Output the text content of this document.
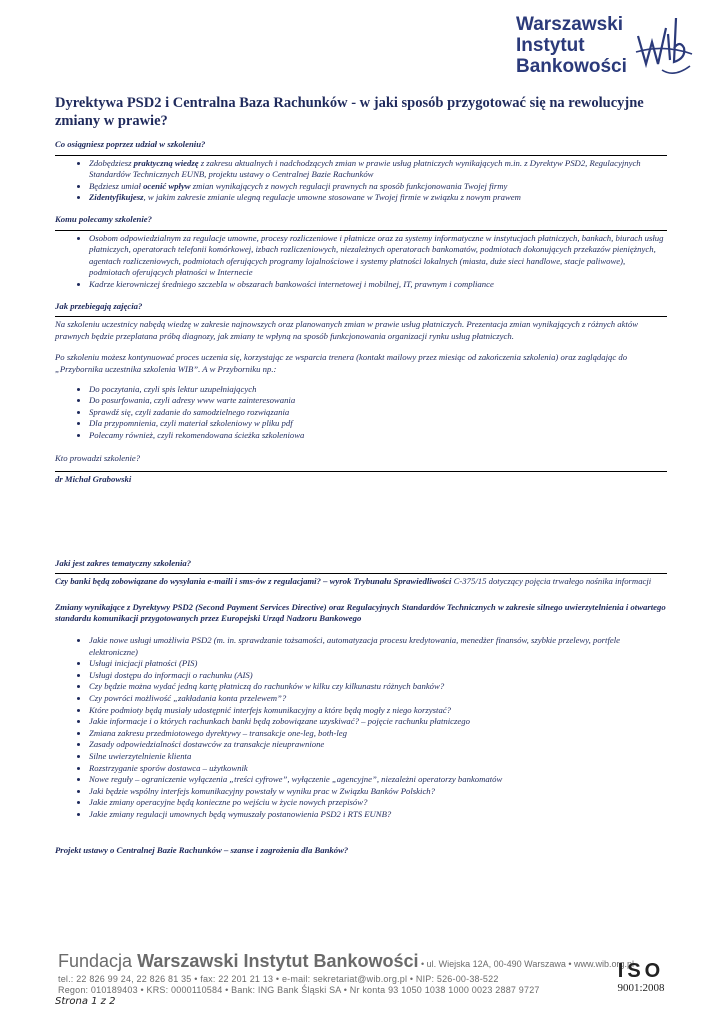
Warszawski
Instytut
Bankowości
Dyrektywa PSD2 i Centralna Baza Rachunków - w jaki sposób przygotować się na rewolucyjne zmiany w prawie?
Co osiągniesz poprzez udział w szkoleniu?
• Zdobędziesz praktyczną wiedzę z zakresu aktualnych i nadchodzących zmian w prawie usług płatniczych wynikających m.in. z Dyrektyw PSD2, Regulacyjnych Standardów Technicznych EUNB, projektu ustawy o Centralnej Bazie Rachunków
• Będziesz umiał ocenić wpływ zmian wynikających z nowych regulacji prawnych na sposób funkcjonowania Twojej firmy
• Zidentyfikujesz, w jakim zakresie zmianie ulegną regulacje umowne stosowane w Twojej firmie w związku z nowym prawem
Komu polecamy szkolenie?
• Osobom odpowiedzialnym za regulacje umowne, procesy rozliczeniowe i płatnicze oraz za systemy informatyczne w instytucjach płatniczych, bankach, biurach usług płatniczych, operatorach telefonii komórkowej, izbach rozliczeniowych, niezależnych operatorach bankomatów, podmiotach dokonujących przekazów pieniężnych, agentach rozliczeniowych, podmiotach oferujących programy lojalnościowe i systemy płatności lokalnych (miasta, duże sieci handlowe, stacje paliwowe), podmiotach oferujących płatności w Internecie
• Kadrze kierowniczej średniego szczebla w obszarach bankowości internetowej i mobilnej, IT, prawnym i compliance
Jak przebiegają zajęcia?

Na szkoleniu uczestnicy nabędą wiedzę w zakresie najnowszych oraz planowanych zmian w prawie usług płatniczych. Prezentacja zmian wynikających z różnych aktów prawnych będzie przeplatana próbą diagnozy, jak zmiany te wpłyną na sposób funkcjonowania organizacji rynku usług płatniczych.

Po szkoleniu możesz kontynuować proces uczenia się, korzystając ze wsparcia trenera (kontakt mailowy przez miesiąc od zakończenia szkolenia) oraz zaglądając do „Przybornika uczestnika szkolenia WIB”. A w Przyborniku np.:

• Do poczytania, czyli spis lektur uzupełniających
• Do posurfowania, czyli adresy www warte zainteresowania
• Sprawdź się, czyli zadanie do samodzielnego rozwiązania
• Dla przypomnienia, czyli materiał szkoleniowy w pliku pdf
• Polecamy również, czyli rekomendowana ścieżka szkoleniowa
Kto prowadzi szkolenie?
dr Michał Grabowski
Jaki jest zakres tematyczny szkolenia?

Czy banki będą zobowiązane do wysyłania e-maili i sms-ów z regulacjami? – wyrok Trybunału Sprawiedliwości C-375/15 dotyczący pojęcia trwałego nośnika informacji

Zmiany wynikające z Dyrektywy PSD2 (Second Payment Services Directive) oraz Regulacyjnych Standardów Technicznych w zakresie silnego uwierzytelnienia i otwartego standardu komunikacji przygotowanych przez Europejski Urząd Nadzoru Bankowego

• Jakie nowe usługi umożliwia PSD2 (m. in. sprawdzanie tożsamości, automatyzacja procesu kredytowania, menedżer finansów, szybkie przelewy, portfele elektroniczne)
• Usługi inicjacji płatności (PIS)
• Usługi dostępu do informacji o rachunku (AIS)
• Czy będzie można wydać jedną kartę płatniczą do rachunków w kilku czy kilkunastu różnych banków?
• Czy powróci możliwość „zakładania konta przelewem”?
• Które podmioty będą musiały udostępnić interfejs komunikacyjny a które będą mogły z niego korzystać?
• Jakie informacje i o których rachunkach banki będą zobowiązane uzyskiwać? – pojęcie rachunku płatniczego
• Zmiana zakresu przedmiotowego dyrektywy – transakcje one-leg, both-leg
• Zasady odpowiedzialności dostawców za transakcje nieuprawnione
• Silne uwierzytelnienie klienta
• Rozstrzyganie sporów dostawca – użytkownik
• Nowe reguły – ograniczenie wyłączenia „treści cyfrowe”, wyłączenie „agencyjne”, niezależni operatorzy bankomatów
• Jaki będzie wspólny interfejs komunikacyjny powstały w wyniku prac w Związku Banków Polskich?
• Jakie zmiany operacyjne będą konieczne po wejściu w życie nowych przepisów?
• Jakie zmiany regulacji umownych będą wymuszały postanowienia PSD2 i RTS EUNB?
Projekt ustawy o Centralnej Bazie Rachunków – szanse i zagrożenia dla Banków?
Fundacja Warszawski Instytut Bankowości • ul. Wiejska 12A, 00-490 Warszawa • www.wib.org.pl
tel.: 22 826 99 24, 22 826 81 35 • fax: 22 201 21 13 • e-mail: sekretariat@wib.org.pl • NIP: 526-00-38-522
Regon: 010189403 • KRS: 0000110584 • Bank: ING Bank Śląski SA • Nr konta 93 1050 1038 1000 0023 2887 9727
ISO
9001:2008
Strona 1 z 2
